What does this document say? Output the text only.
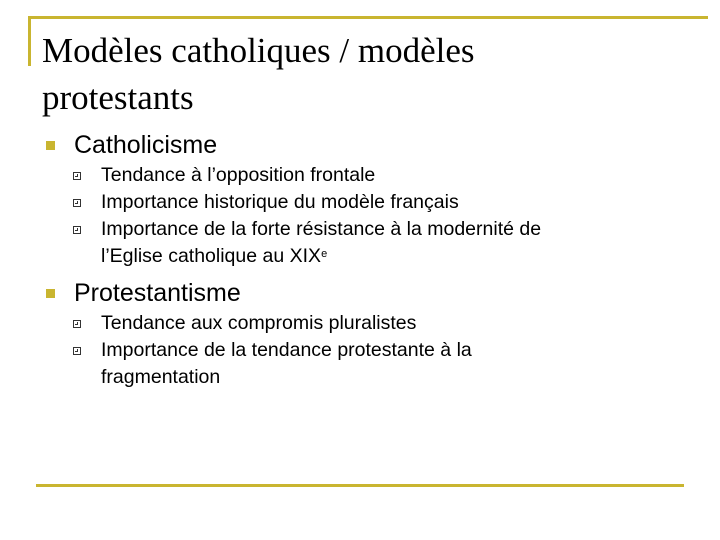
Modèles catholiques / modèles
protestants
Catholicisme
Tendance à l’opposition frontale
Importance historique du modèle français
Importance de la forte résistance à la modernité de
l’Eglise catholique au XIXe
Protestantisme
Tendance aux compromis pluralistes
Importance de la tendance protestante à la
fragmentation
